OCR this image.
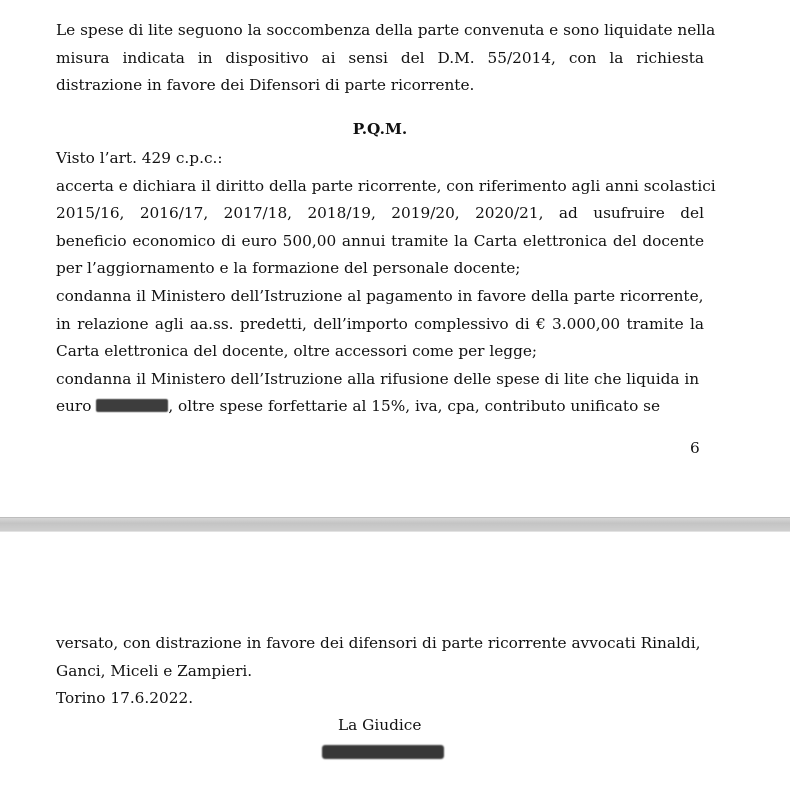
Le spese di lite seguono la soccombenza della parte convenuta e sono liquidate nella
misura indicata in dispositivo ai sensi del D.M. 55/2014, con la richiesta
distrazione in favore dei Difensori di parte ricorrente.
P.Q.M.
Visto l’art. 429 c.p.c.:
accerta e dichiara il diritto della parte ricorrente, con riferimento agli anni scolastici
2015/16, 2016/17, 2017/18, 2018/19, 2019/20, 2020/21, ad usufruire del
beneficio economico di euro 500,00 annui tramite la Carta elettronica del docente
per l’aggiornamento e la formazione del personale docente;
condanna il Ministero dell’Istruzione al pagamento in favore della parte ricorrente,
in relazione agli aa.ss. predetti, dell’importo complessivo di € 3.000,00 tramite la
Carta elettronica del docente, oltre accessori come per legge;
condanna il Ministero dell’Istruzione alla rifusione delle spese di lite che liquida in
euro	, oltre spese forfettarie al 15%, iva, cpa, contributo unificato se
6
versato, con distrazione in favore dei difensori di parte ricorrente avvocati Rinaldi,
Ganci, Miceli e Zampieri.
Torino 17.6.2022.
La Giudice
